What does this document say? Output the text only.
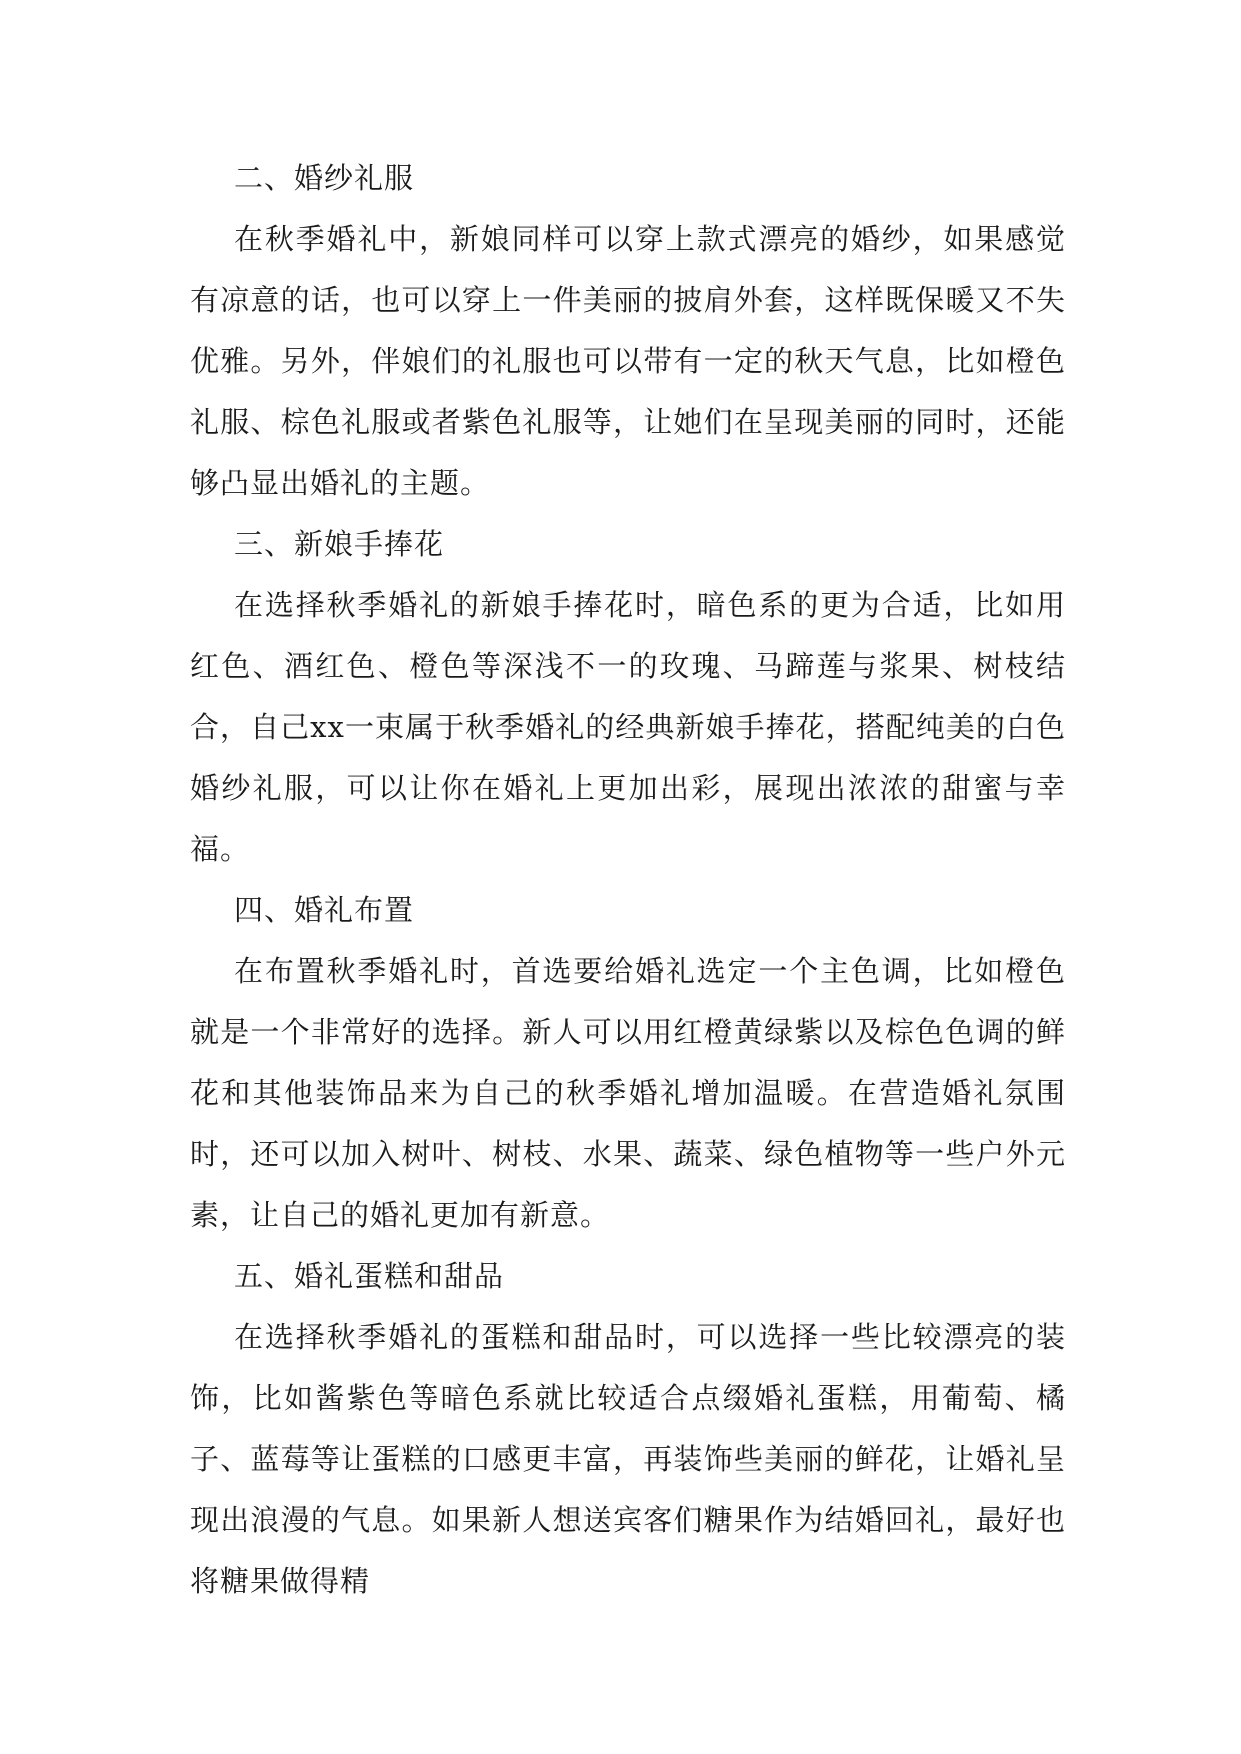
二、婚纱礼服

在秋季婚礼中，新娘同样可以穿上款式漂亮的婚纱，如果感觉有凉意的话，也可以穿上一件美丽的披肩外套，这样既保暖又不失优雅。另外，伴娘们的礼服也可以带有一定的秋天气息，比如橙色礼服、棕色礼服或者紫色礼服等，让她们在呈现美丽的同时，还能够凸显出婚礼的主题。

三、新娘手捧花

在选择秋季婚礼的新娘手捧花时，暗色系的更为合适，比如用红色、酒红色、橙色等深浅不一的玫瑰、马蹄莲与浆果、树枝结合，自己xx一束属于秋季婚礼的经典新娘手捧花，搭配纯美的白色婚纱礼服，可以让你在婚礼上更加出彩，展现出浓浓的甜蜜与幸福。

四、婚礼布置

在布置秋季婚礼时，首选要给婚礼选定一个主色调，比如橙色就是一个非常好的选择。新人可以用红橙黄绿紫以及棕色色调的鲜花和其他装饰品来为自己的秋季婚礼增加温暖。在营造婚礼氛围时，还可以加入树叶、树枝、水果、蔬菜、绿色植物等一些户外元素，让自己的婚礼更加有新意。

五、婚礼蛋糕和甜品

在选择秋季婚礼的蛋糕和甜品时，可以选择一些比较漂亮的装饰，比如酱紫色等暗色系就比较适合点缀婚礼蛋糕，用葡萄、橘子、蓝莓等让蛋糕的口感更丰富，再装饰些美丽的鲜花，让婚礼呈现出浪漫的气息。如果新人想送宾客们糖果作为结婚回礼，最好也将糖果做得精
